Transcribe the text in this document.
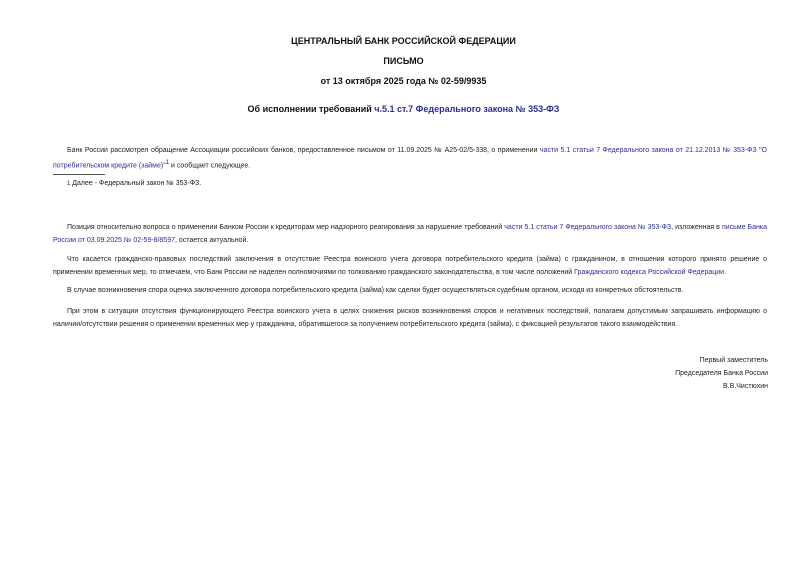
ЦЕНТРАЛЬНЫЙ БАНК РОССИЙСКОЙ ФЕДЕРАЦИИ
ПИСЬМО
от 13 октября 2025 года № 02-59/9935
Об исполнении требований ч.5.1 ст.7 Федерального закона № 353-ФЗ
Банк России рассмотрел обращение Ассоциации российских банков, предоставленное письмом от 11.09.2025 № А25-02/5-338, о применении части 5.1 статьи 7 Федерального закона от 21.12.2013 № 353-ФЗ "О потребительском кредите (займе)"$^1$ и сообщает следующее.
1 Далее - Федеральный закон № 353-ФЗ.
Позиция относительно вопроса о применении Банком России к кредиторам мер надзорного реагирования за нарушение требований части 5.1 статьи 7 Федерального закона № 353-ФЗ, изложенная в письме Банка России от 03.09.2025 № 02-59-8/8597, остается актуальной.
Что касается гражданско-правовых последствий заключения в отсутствие Реестра воинского учета договора потребительского кредита (займа) с гражданином, в отношении которого принято решение о применении временных мер, то отмечаем, что Банк России не наделен полномочиями по толкованию гражданского законодательства, в том числе положений Гражданского кодекса Российской Федерации.
В случае возникновения спора оценка заключенного договора потребительского кредита (займа) как сделки будет осуществляться судебным органом, исходя из конкретных обстоятельств.
При этом в ситуации отсутствия функционирующего Реестра воинского учета в целях снижения рисков возникновения споров и негативных последствий, полагаем допустимым запрашивать информацию о наличии/отсутствии решения о применении временных мер у гражданина, обратившегося за получением потребительского кредита (займа), с фиксацией результатов такого взаимодействия.
Первый заместитель
Председателя Банка России
В.В.Чистюхин
